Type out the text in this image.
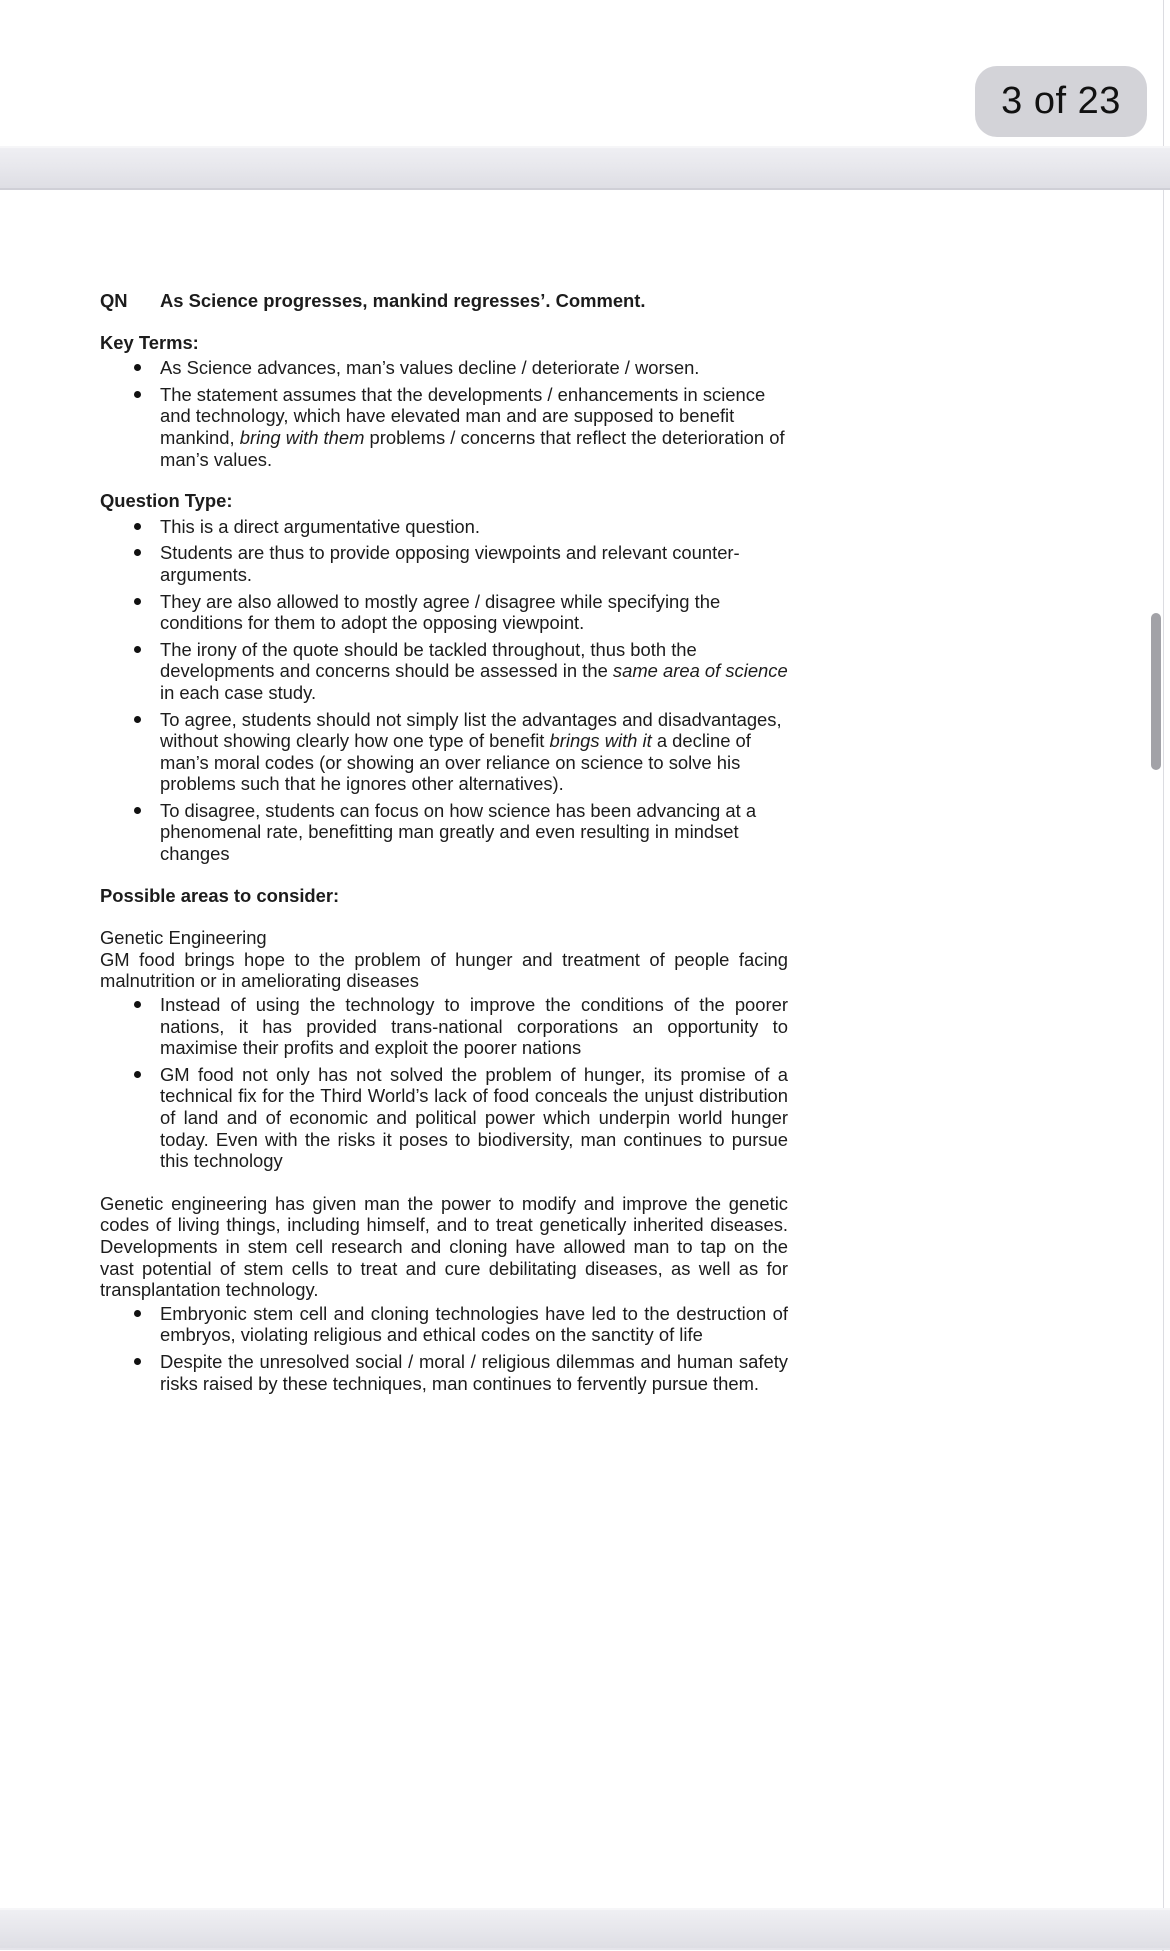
QN	As Science progresses, mankind regresses’. Comment.
Key Terms:
As Science advances, man’s values decline / deteriorate / worsen.
The statement assumes that the developments / enhancements in science and technology, which have elevated man and are supposed to benefit mankind, bring with them problems / concerns that reflect the deterioration of man’s values.
Question Type:
This is a direct argumentative question.
Students are thus to provide opposing viewpoints and relevant counter-arguments.
They are also allowed to mostly agree / disagree while specifying the conditions for them to adopt the opposing viewpoint.
The irony of the quote should be tackled throughout, thus both the developments and concerns should be assessed in the same area of science in each case study.
To agree, students should not simply list the advantages and disadvantages, without showing clearly how one type of benefit brings with it a decline of man’s moral codes (or showing an over reliance on science to solve his problems such that he ignores other alternatives).
To disagree, students can focus on how science has been advancing at a phenomenal rate, benefitting man greatly and even resulting in mindset changes
Possible areas to consider:
Genetic Engineering
GM food brings hope to the problem of hunger and treatment of people facing malnutrition or in ameliorating diseases
Instead of using the technology to improve the conditions of the poorer nations, it has provided trans-national corporations an opportunity to maximise their profits and exploit the poorer nations
GM food not only has not solved the problem of hunger, its promise of a technical fix for the Third World’s lack of food conceals the unjust distribution of land and of economic and political power which underpin world hunger today. Even with the risks it poses to biodiversity, man continues to pursue this technology
Genetic engineering has given man the power to modify and improve the genetic codes of living things, including himself, and to treat genetically inherited diseases. Developments in stem cell research and cloning have allowed man to tap on the vast potential of stem cells to treat and cure debilitating diseases, as well as for transplantation technology.
Embryonic stem cell and cloning technologies have led to the destruction of embryos, violating religious and ethical codes on the sanctity of life
Despite the unresolved social / moral / religious dilemmas and human safety risks raised by these techniques, man continues to fervently pursue them.
3 of 23
